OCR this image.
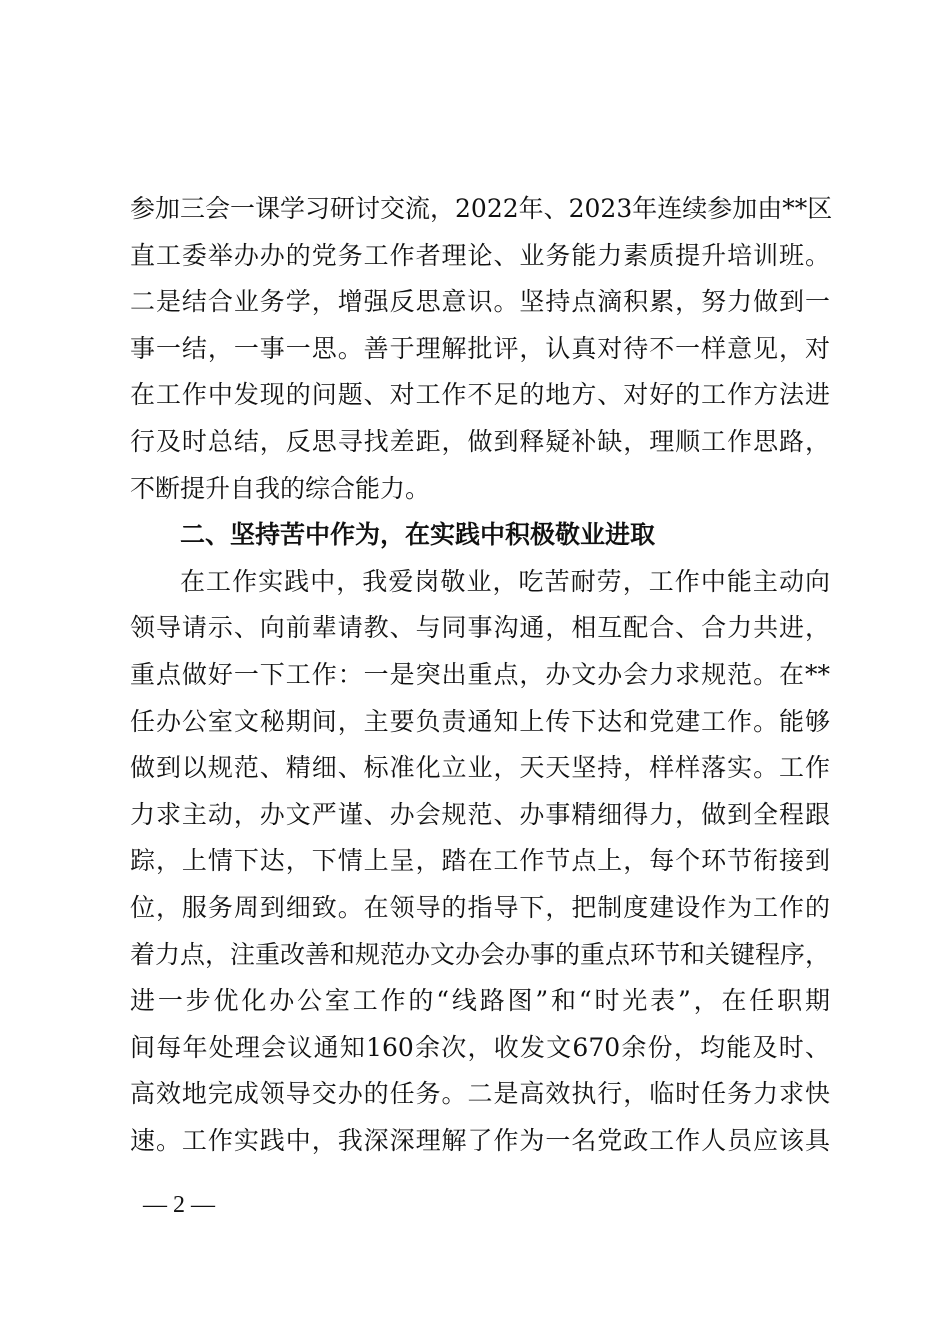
参加三会一课学习研讨交流，2022年、2023年连续参加由**区
直工委举办办的党务工作者理论、业务能力素质提升培训班。
二是结合业务学，增强反思意识。坚持点滴积累，努力做到一
事一结，一事一思。善于理解批评，认真对待不一样意见，对
在工作中发现的问题、对工作不足的地方、对好的工作方法进
行及时总结，反思寻找差距，做到释疑补缺，理顺工作思路，
不断提升自我的综合能力。
二、坚持苦中作为，在实践中积极敬业进取
在工作实践中，我爱岗敬业，吃苦耐劳，工作中能主动向
领导请示、向前辈请教、与同事沟通，相互配合、合力共进，
重点做好一下工作：一是突出重点，办文办会力求规范。在**
任办公室文秘期间，主要负责通知上传下达和党建工作。能够
做到以规范、精细、标准化立业，天天坚持，样样落实。工作
力求主动，办文严谨、办会规范、办事精细得力，做到全程跟
踪，上情下达，下情上呈，踏在工作节点上，每个环节衔接到
位，服务周到细致。在领导的指导下，把制度建设作为工作的
着力点，注重改善和规范办文办会办事的重点环节和关键程序，
进一步优化办公室工作的“线路图”和“时光表”，在任职期
间每年处理会议通知160余次，收发文670余份，均能及时、
高效地完成领导交办的任务。二是高效执行，临时任务力求快
速。工作实践中，我深深理解了作为一名党政工作人员应该具
— 2 —
